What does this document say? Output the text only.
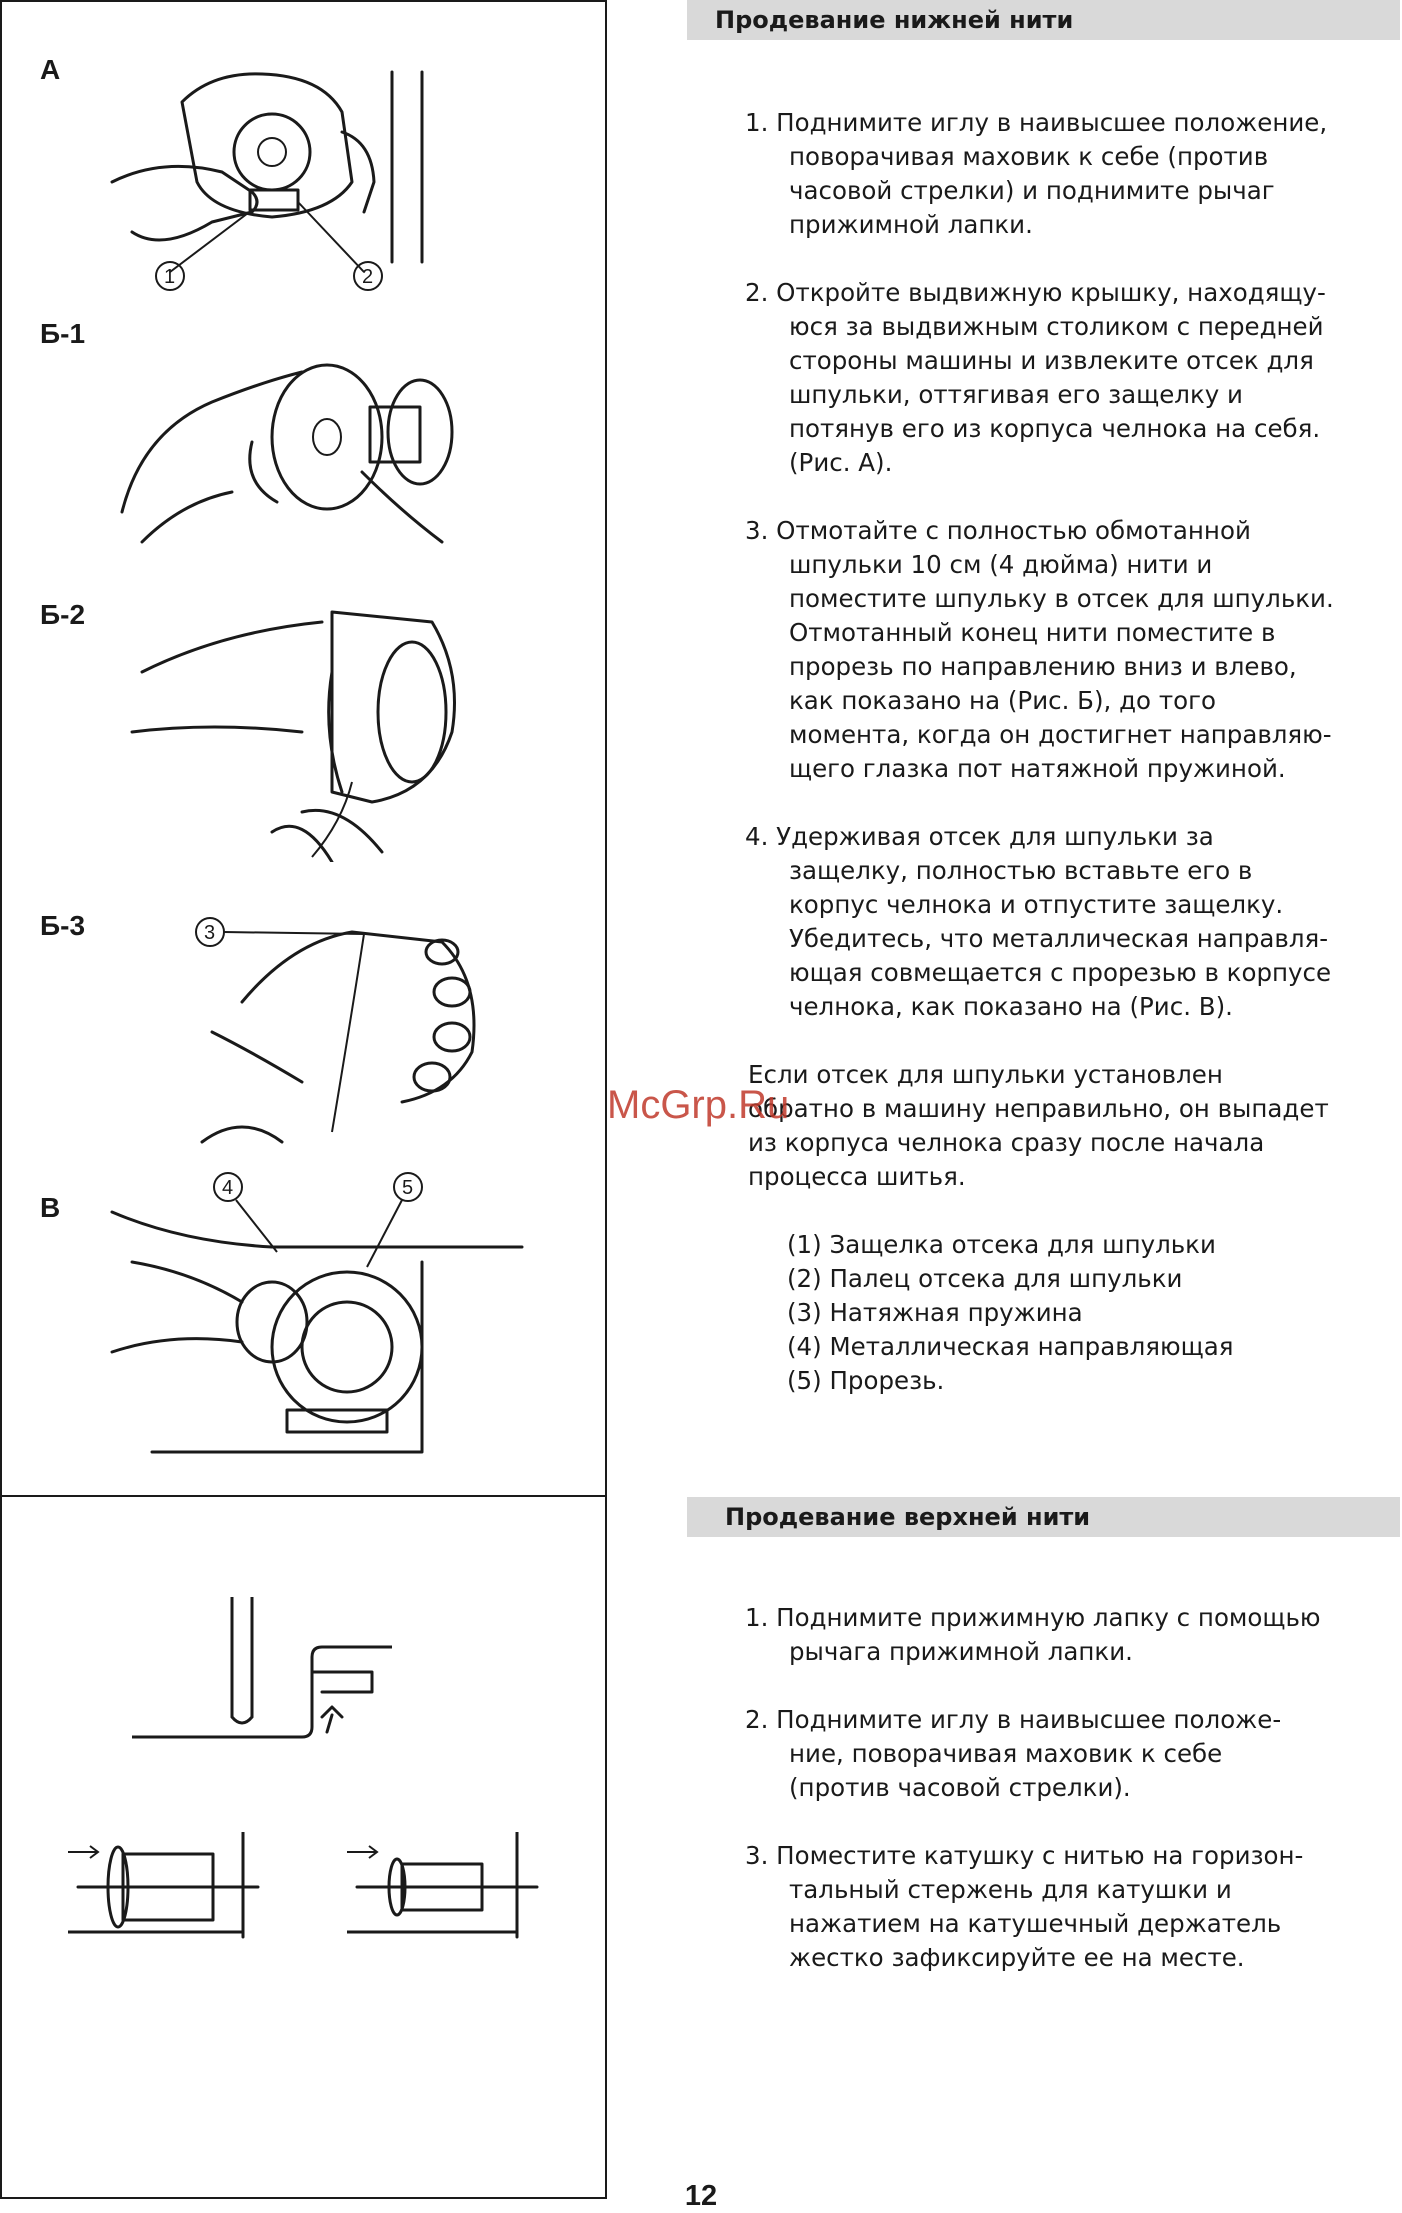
А
Б-1
Б-2
Б-3
В
1	2
3
4	5
Продевание нижней нити
1. Поднимите иглу в наивысшее положение,
поворачивая маховик к себе (против
часовой стрелки) и поднимите рычаг
прижимной лапки.
2. Откройте выдвижную крышку, находящу-
юся за выдвижным столиком с передней
стороны машины и извлеките отсек для
шпульки, оттягивая его защелку и
потянув его из корпуса челнока на себя.
(Рис. А).
3. Отмотайте с полностью обмотанной
шпульки 10 см (4 дюйма) нити и
поместите шпульку в отсек для шпульки.
Отмотанный конец нити поместите в
прорезь по направлению вниз и влево,
как показано на (Рис. Б), до того
момента, когда он достигнет направляю-
щего глазка пот натяжной пружиной.
4. Удерживая отсек для шпульки за
защелку, полностью вставьте его в
корпус челнока и отпустите защелку.
Убедитесь, что металлическая направля-
ющая совмещается с прорезью в корпусе
челнока, как показано на (Рис. В).

Если отсек для шпульки установлен
обратно в машину неправильно, он выпадет
из корпуса челнока сразу после начала
процесса шитья.

(1) Защелка отсека для шпульки
(2) Палец отсека для шпульки
(3) Натяжная пружина
(4) Металлическая направляющая
(5) Прорезь.
Продевание верхней нити
1. Поднимите прижимную лапку с помощью
рычага прижимной лапки.
2. Поднимите иглу в наивысшее положе-
ние, поворачивая маховик к себе
(против часовой стрелки).
3. Поместите катушку с нитью на горизон-
тальный стержень для катушки и
нажатием на катушечный держатель
жестко зафиксируйте ее на месте.
McGrp.Ru
12
